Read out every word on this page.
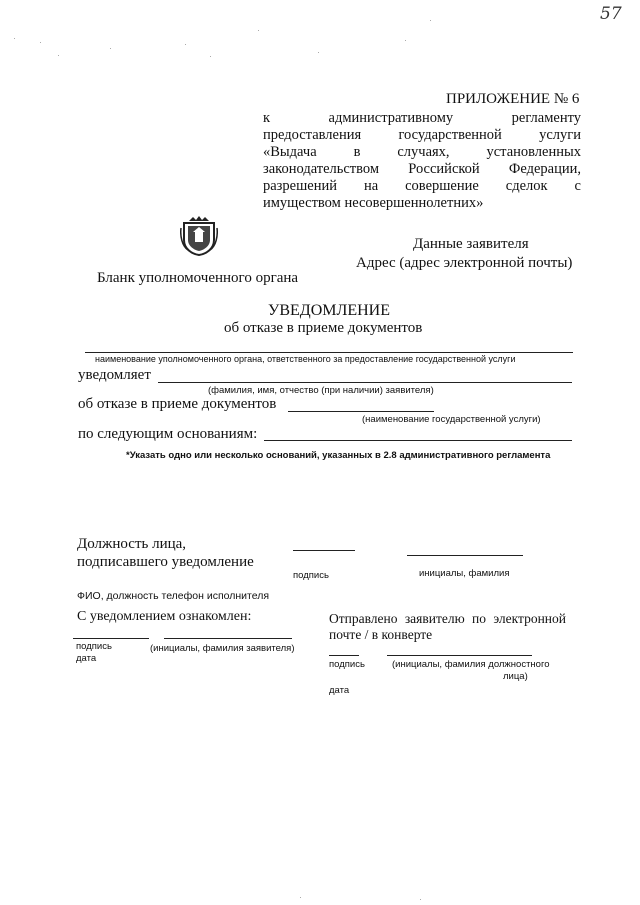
57
ПРИЛОЖЕНИЕ № 6
к	административному	регламенту
предоставления	государственной	услуги
«Выдача	в	случаях,	установленных
законодательством Российской Федерации,
разрешений на совершение сделок с
имуществом несовершеннолетних»
Данные заявителя
Адрес (адрес электронной почты)
Бланк уполномоченного органа
УВЕДОМЛЕНИЕ
об отказе в приеме документов
наименование уполномоченного органа, ответственного за предоставление государственной услуги
уведомляет
(фамилия, имя, отчество (при наличии) заявителя)
об отказе в приеме документов
(наименование государственной услуги)
по следующим основаниям:
*Указать одно или несколько оснований, указанных в 2.8 административного регламента
Должность лица,
подписавшего уведомление
подпись	инициалы, фамилия
ФИО, должность телефон исполнителя
С уведомлением ознакомлен:
подпись	(инициалы, фамилия заявителя)
дата
Отправлено заявителю по электронной
почте / в конверте
подпись	(инициалы, фамилия должностного
лица)
дата
